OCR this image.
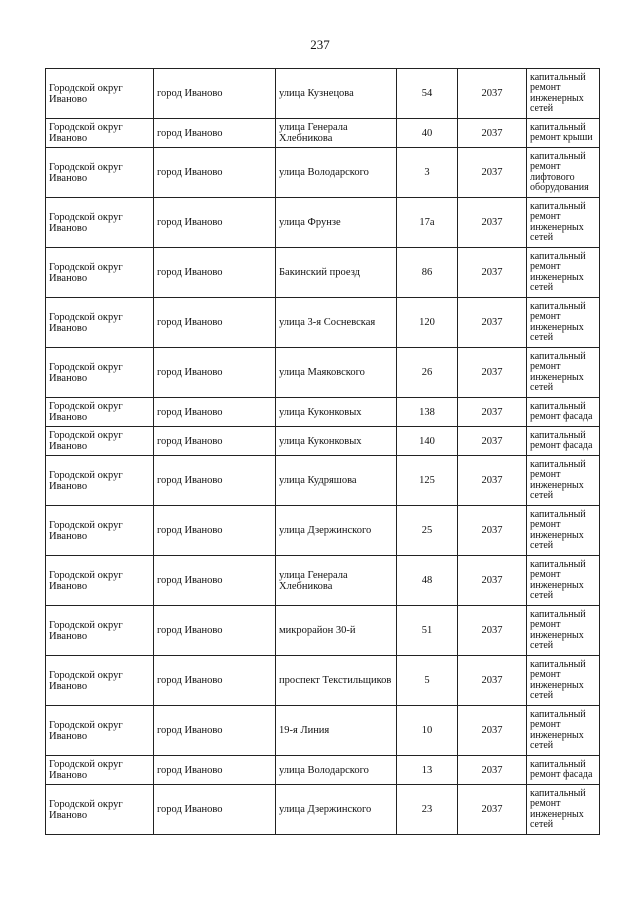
237
Городской округ Иваново	город Иваново	улица Кузнецова	54	2037	капитальный ремонт инженерных сетей
Городской округ Иваново	город Иваново	улица Генерала Хлебникова	40	2037	капитальный ремонт крыши
Городской округ Иваново	город Иваново	улица Володарского	3	2037	капитальный ремонт лифтового оборудования
Городской округ Иваново	город Иваново	улица Фрунзе	17а	2037	капитальный ремонт инженерных сетей
Городской округ Иваново	город Иваново	Бакинский проезд	86	2037	капитальный ремонт инженерных сетей
Городской округ Иваново	город Иваново	улица 3-я Сосневская	120	2037	капитальный ремонт инженерных сетей
Городской округ Иваново	город Иваново	улица Маяковского	26	2037	капитальный ремонт инженерных сетей
Городской округ Иваново	город Иваново	улица Куконковых	138	2037	капитальный ремонт фасада
Городской округ Иваново	город Иваново	улица Куконковых	140	2037	капитальный ремонт фасада
Городской округ Иваново	город Иваново	улица Кудряшова	125	2037	капитальный ремонт инженерных сетей
Городской округ Иваново	город Иваново	улица Дзержинского	25	2037	капитальный ремонт инженерных сетей
Городской округ Иваново	город Иваново	улица Генерала Хлебникова	48	2037	капитальный ремонт инженерных сетей
Городской округ Иваново	город Иваново	микрорайон 30-й	51	2037	капитальный ремонт инженерных сетей
Городской округ Иваново	город Иваново	проспект Текстильщиков	5	2037	капитальный ремонт инженерных сетей
Городской округ Иваново	город Иваново	19-я Линия	10	2037	капитальный ремонт инженерных сетей
Городской округ Иваново	город Иваново	улица Володарского	13	2037	капитальный ремонт фасада
Городской округ Иваново	город Иваново	улица Дзержинского	23	2037	капитальный ремонт инженерных сетей
